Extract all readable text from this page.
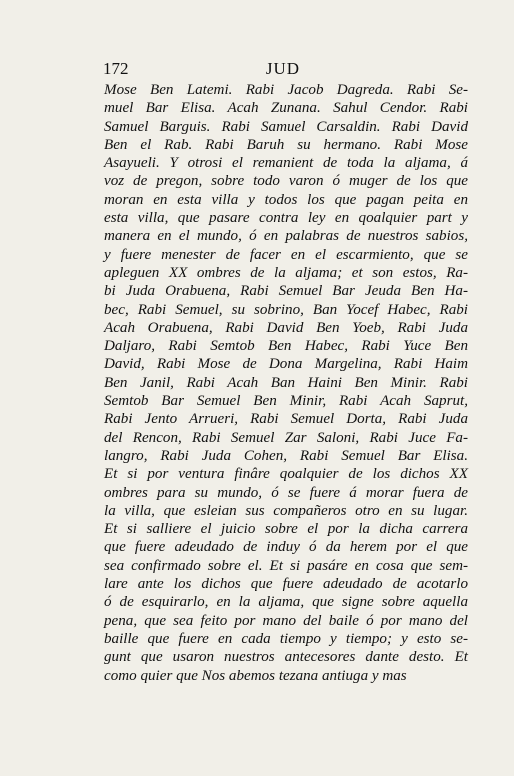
172	JUD
Mose Ben Latemi. Rabi Jacob Dagreda. Rabi Se-
muel Bar Elisa. Acah Zunana. Sahul Cendor. Rabi
Samuel Barguis. Rabi Samuel Carsaldin. Rabi David
Ben el Rab. Rabi Baruh su hermano. Rabi Mose
Asayueli. Y otrosi el remanient de toda la aljama, á
voz de pregon, sobre todo varon ó muger de los que
moran en esta villa y todos los que pagan peita en
esta villa, que pasare contra ley en qoalquier part y
manera en el mundo, ó en palabras de nuestros sabios,
y fuere menester de facer en el escarmiento, que se
apleguen XX ombres de la aljama; et son estos, Ra-
bi Juda Orabuena, Rabi Semuel Bar Jeuda Ben Ha-
bec, Rabi Semuel, su sobrino, Ban Yocef Habec, Rabi
Acah Orabuena, Rabi David Ben Yoeb, Rabi Juda
Daljaro, Rabi Semtob Ben Habec, Rabi Yuce Ben
David, Rabi Mose de Dona Margelina, Rabi Haim
Ben Janil, Rabi Acah Ban Haini Ben Minir. Rabi
Semtob Bar Semuel Ben Minir, Rabi Acah Saprut,
Rabi Jento Arrueri, Rabi Semuel Dorta, Rabi Juda
del Rencon, Rabi Semuel Zar Saloni, Rabi Juce Fa-
langro, Rabi Juda Cohen, Rabi Semuel Bar Elisa.
Et si por ventura finâre qoalquier de los dichos XX
ombres para su mundo, ó se fuere á morar fuera de
la villa, que esleian sus compañeros otro en su lugar.
Et si salliere el juicio sobre el por la dicha carrera
que fuere adeudado de induy ó da herem por el que
sea confirmado sobre el. Et si pasáre en cosa que sem-
lare ante los dichos que fuere adeudado de acotarlo
ó de esquirarlo, en la aljama, que signe sobre aquella
pena, que sea feito por mano del baile ó por mano del
baille que fuere en cada tiempo y tiempo; y esto se-
gunt que usaron nuestros antecesores dante desto. Et
como quier que Nos abemos tezana antiuga y mas
